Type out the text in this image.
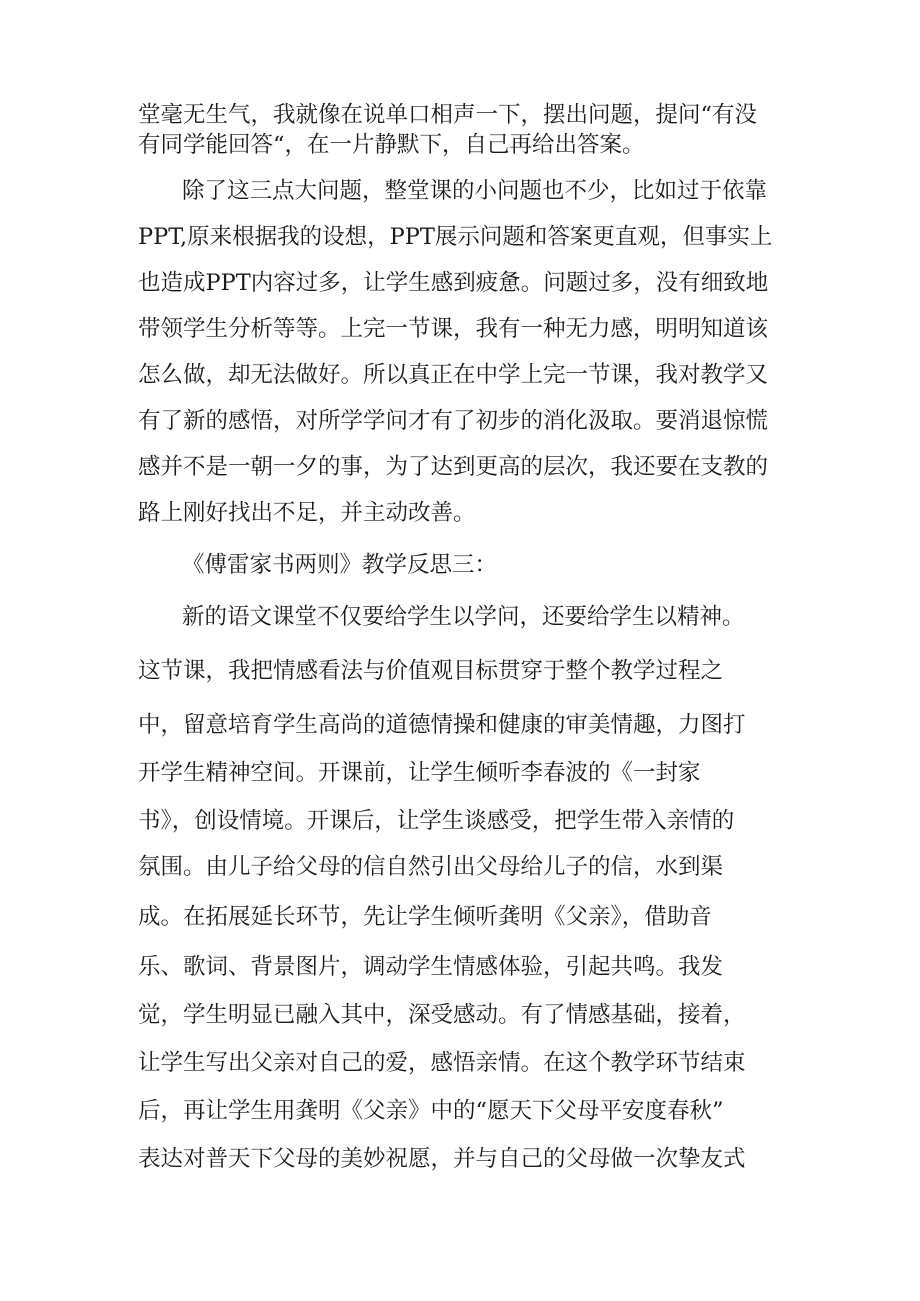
堂毫无生气，我就像在说单口相声一下，摆出问题，提问“有没
有同学能回答“，在一片静默下，自己再给出答案。
除了这三点大问题，整堂课的小问题也不少，比如过于依靠
PPT,原来根据我的设想，PPT展示问题和答案更直观，但事实上
也造成PPT内容过多，让学生感到疲惫。问题过多，没有细致地
带领学生分析等等。上完一节课，我有一种无力感，明明知道该
怎么做，却无法做好。所以真正在中学上完一节课，我对教学又
有了新的感悟，对所学学问才有了初步的消化汲取。要消退惊慌
感并不是一朝一夕的事，为了达到更高的层次，我还要在支教的
路上刚好找出不足，并主动改善。
《傅雷家书两则》教学反思三：
新的语文课堂不仅要给学生以学问，还要给学生以精神。
这节课，我把情感看法与价值观目标贯穿于整个教学过程之
中，留意培育学生高尚的道德情操和健康的审美情趣，力图打
开学生精神空间。开课前，让学生倾听李春波的《一封家
书》，创设情境。开课后，让学生谈感受，把学生带入亲情的
氛围。由儿子给父母的信自然引出父母给儿子的信，水到渠
成。在拓展延长环节，先让学生倾听龚明《父亲》，借助音
乐、歌词、背景图片，调动学生情感体验，引起共鸣。我发
觉，学生明显已融入其中，深受感动。有了情感基础，接着，
让学生写出父亲对自己的爱，感悟亲情。在这个教学环节结束
后，再让学生用龚明《父亲》中的“愿天下父母平安度春秋”
表达对普天下父母的美妙祝愿，并与自己的父母做一次挚友式
